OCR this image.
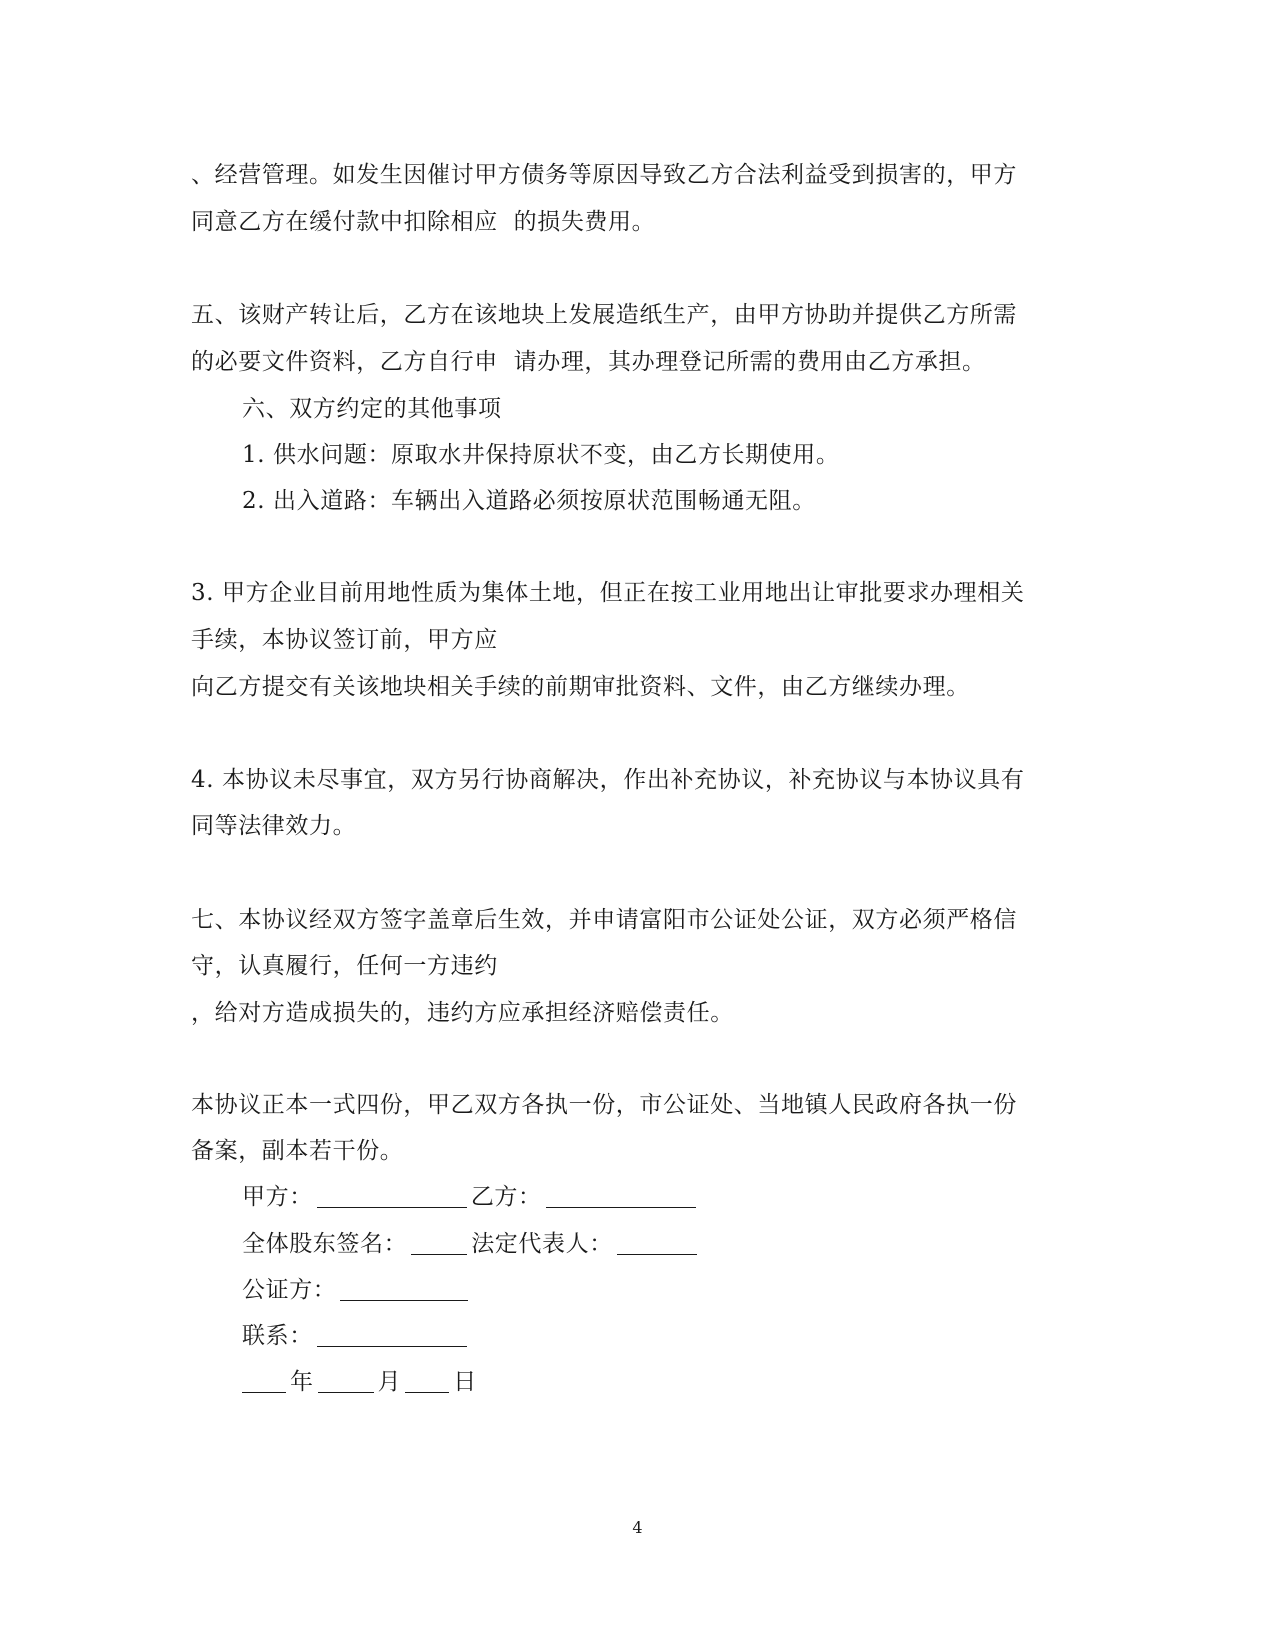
、经营管理。如发生因催讨甲方债务等原因导致乙方合法利益受到损害的，甲方
同意乙方在缓付款中扣除相应  的损失费用。
五、该财产转让后，乙方在该地块上发展造纸生产，由甲方协助并提供乙方所需
的必要文件资料，乙方自行申  请办理，其办理登记所需的费用由乙方承担。
六、双方约定的其他事项
1. 供水问题：原取水井保持原状不变，由乙方长期使用。
2. 出入道路：车辆出入道路必须按原状范围畅通无阻。
3. 甲方企业目前用地性质为集体土地，但正在按工业用地出让审批要求办理相关
手续，本协议签订前，甲方应
向乙方提交有关该地块相关手续的前期审批资料、文件，由乙方继续办理。
4. 本协议未尽事宜，双方另行协商解决，作出补充协议，补充协议与本协议具有
同等法律效力。
七、本协议经双方签字盖章后生效，并申请富阳市公证处公证，双方必须严格信
守，认真履行，任何一方违约
，给对方造成损失的，违约方应承担经济赔偿责任。
本协议正本一式四份，甲乙双方各执一份，市公证处、当地镇人民政府各执一份
备案，副本若干份。
甲方：	乙方：
全体股东签名：	法定代表人：
公证方：
联系：
年	月 日
4
